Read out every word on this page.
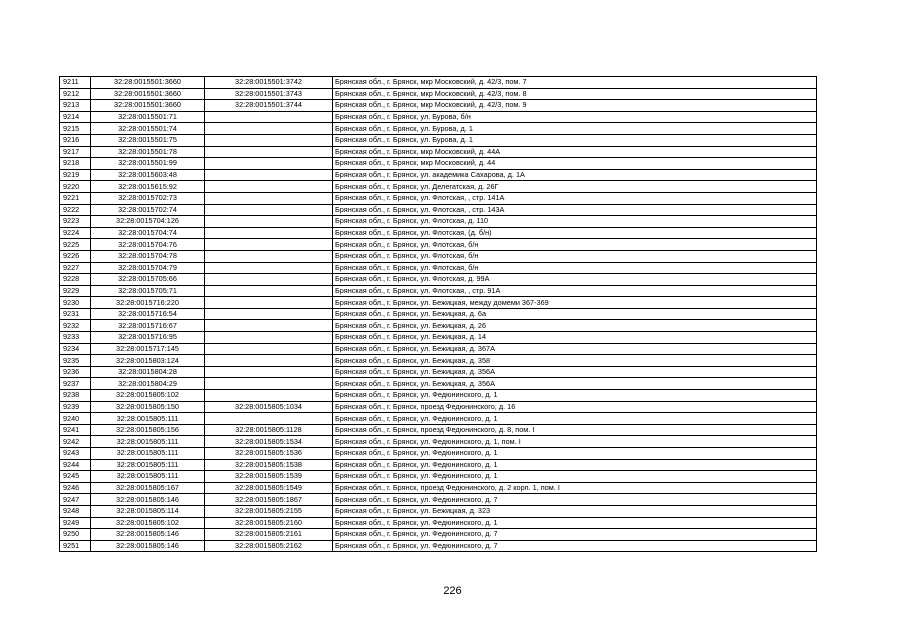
9211	32:28:0015501:3660	32:28:0015501:3742	Брянская обл., г. Брянск, мкр Московский, д. 42/3, пом. 7
9212	32:28:0015501:3660	32:28:0015501:3743	Брянская обл., г. Брянск, мкр Московский, д. 42/3, пом. 8
9213	32:28:0015501:3660	32:28:0015501:3744	Брянская обл., г. Брянск, мкр Московский, д. 42/3, пом. 9
9214	32:28:0015501:71		Брянская обл., г. Брянск, ул. Бурова, б/н
9215	32:28:0015501:74		Брянская обл., г. Брянск, ул. Бурова, д. 1
9216	32:28:0015501:75		Брянская обл., г. Брянск, ул. Бурова, д. 1
9217	32:28:0015501:78		Брянская обл., г. Брянск, мкр Московский, д. 44А
9218	32:28:0015501:99		Брянская обл., г. Брянск, мкр Московский, д. 44
9219	32:28:0015603:48		Брянская обл., г. Брянск, ул. академика Сахарова, д. 1А
9220	32:28:0015615:92		Брянская обл., г. Брянск, ул. Делегатская, д. 26Г
9221	32:28:0015702:73		Брянская обл., г. Брянск, ул. Флотская, , стр. 141А
9222	32:28:0015702:74		Брянская обл., г. Брянск, ул. Флотская, , стр. 143А
9223	32:28:0015704:126		Брянская обл., г. Брянск, ул. Флотская, д. 110
9224	32:28:0015704:74		Брянская обл., г. Брянск, ул. Флотская, (д. б/н)
9225	32:28:0015704:76		Брянская обл., г. Брянск, ул. Флотская, б/н
9226	32:28:0015704:78		Брянская обл., г. Брянск, ул. Флотская, б/н
9227	32:28:0015704:79		Брянская обл., г. Брянск, ул. Флотская, б/н
9228	32:28:0015705:66		Брянская обл., г. Брянск, ул. Флотская, д. 99А
9229	32:28:0015705:71		Брянская обл., г. Брянск, ул. Флотская, , стр. 91А
9230	32:28:0015716:220		Брянская обл., г. Брянск, ул. Бежицкая, между домеми 367-369
9231	32:28:0015716:54		Брянская обл., г. Брянск, ул. Бежицкая, д. 6а
9232	32:28:0015716:67		Брянская обл., г. Брянск, ул. Бежицкая, д. 26
9233	32:28:0015716:95		Брянская обл., г. Брянск, ул. Бежицкая, д. 14
9234	32:28:0015717:145		Брянская обл., г. Брянск, ул. Бежицкая, д. 367А
9235	32:28:0015803:124		Брянская обл., г. Брянск, ул. Бежицкая, д. 358
9236	32:28:0015804:28		Брянская обл., г. Брянск, ул. Бежицкая, д. 356А
9237	32:28:0015804:29		Брянская обл., г. Брянск, ул. Бежицкая, д. 356А
9238	32:28:0015805:102		Брянская обл., г. Брянск, ул. Федюнинского, д. 1
9239	32:28:0015805:150	32:28:0015805:1034	Брянская обл., г. Брянск, проезд Федюнинского, д. 16
9240	32:28:0015805:111		Брянская обл., г. Брянск, ул. Федюнинского, д. 1
9241	32:28:0015805:156	32:28:0015805:1128	Брянская обл., г. Брянск, проезд Федюнинского, д. 8, пом. I
9242	32:28:0015805:111	32:28:0015805:1534	Брянская обл., г. Брянск, ул. Федюнинского, д. 1, пом. I
9243	32:28:0015805:111	32:28:0015805:1536	Брянская обл., г. Брянск, ул. Федюнинского, д. 1
9244	32:28:0015805:111	32:28:0015805:1538	Брянская обл., г. Брянск, ул. Федюнинского, д. 1
9245	32:28:0015805:111	32:28:0015805:1539	Брянская обл., г. Брянск, ул. Федюнинского, д. 1
9246	32:28:0015805:167	32:28:0015805:1549	Брянская обл., г. Брянск, проезд Федюнинского, д. 2 корп. 1, пом. I
9247	32:28:0015805:146	32:28:0015805:1867	Брянская обл., г. Брянск, ул. Федюнинского, д. 7
9248	32:28:0015805:114	32:28:0015805:2155	Брянская обл., г. Брянск, ул. Бежицкая, д. 323
9249	32:28:0015805:102	32:28:0015805:2160	Брянская обл., г. Брянск, ул. Федюнинского, д. 1
9250	32:28:0015805:146	32:28:0015805:2161	Брянская обл., г. Брянск, ул. Федюнинского, д. 7
9251	32:28:0015805:146	32:28:0015805:2162	Брянская обл., г. Брянск, ул. Федюнинского, д. 7
226
